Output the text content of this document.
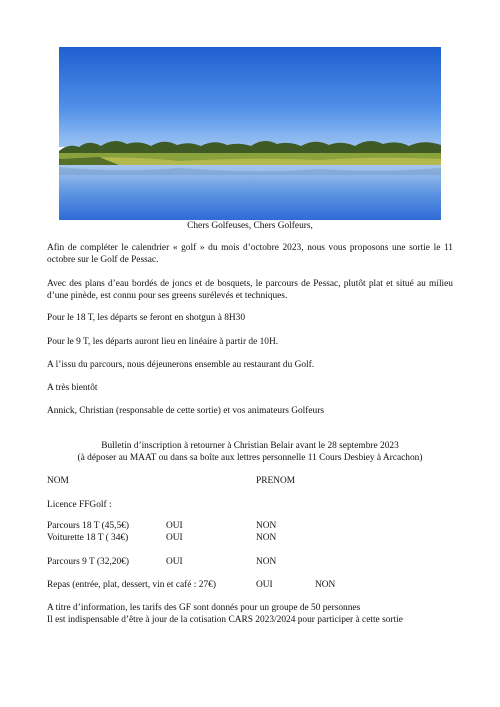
Chers Golfeuses, Chers Golfeurs,
Afin de compléter le calendrier « golf » du mois d’octobre 2023, nous vous proposons une sortie le 11 octobre sur le Golf de Pessac.
Avec des plans d’eau bordés de joncs et de bosquets, le parcours de Pessac, plutôt plat et situé au milieu d’une pinède, est connu pour ses greens surélevés et techniques.
Pour le 18 T, les départs se feront en shotgun à 8H30
Pour le 9 T, les départs auront lieu en linéaire à partir de 10H.
A l’issu du parcours, nous déjeunerons ensemble au restaurant du Golf.
A très bientôt
Annick, Christian (responsable de cette sortie) et vos animateurs Golfeurs
Bulletin d’inscription à retourner à Christian Belair avant le 28 septembre 2023
(à déposer au MAAT ou dans sa boîte aux lettres personnelle 11 Cours Desbiey à Arcachon)
NOM	PRENOM
Licence FFGolf :
Parcours 18 T (45,5€)	OUI	NON
Voiturette 18 T ( 34€)	OUI	NON
Parcours 9 T (32,20€)	OUI	NON
Repas (entrée, plat, dessert, vin et café : 27€)	OUI	NON
A titre d’information, les tarifs des GF sont donnés pour un groupe de 50 personnes
Il est indispensable d’être à jour de la cotisation CARS 2023/2024 pour participer à cette sortie
